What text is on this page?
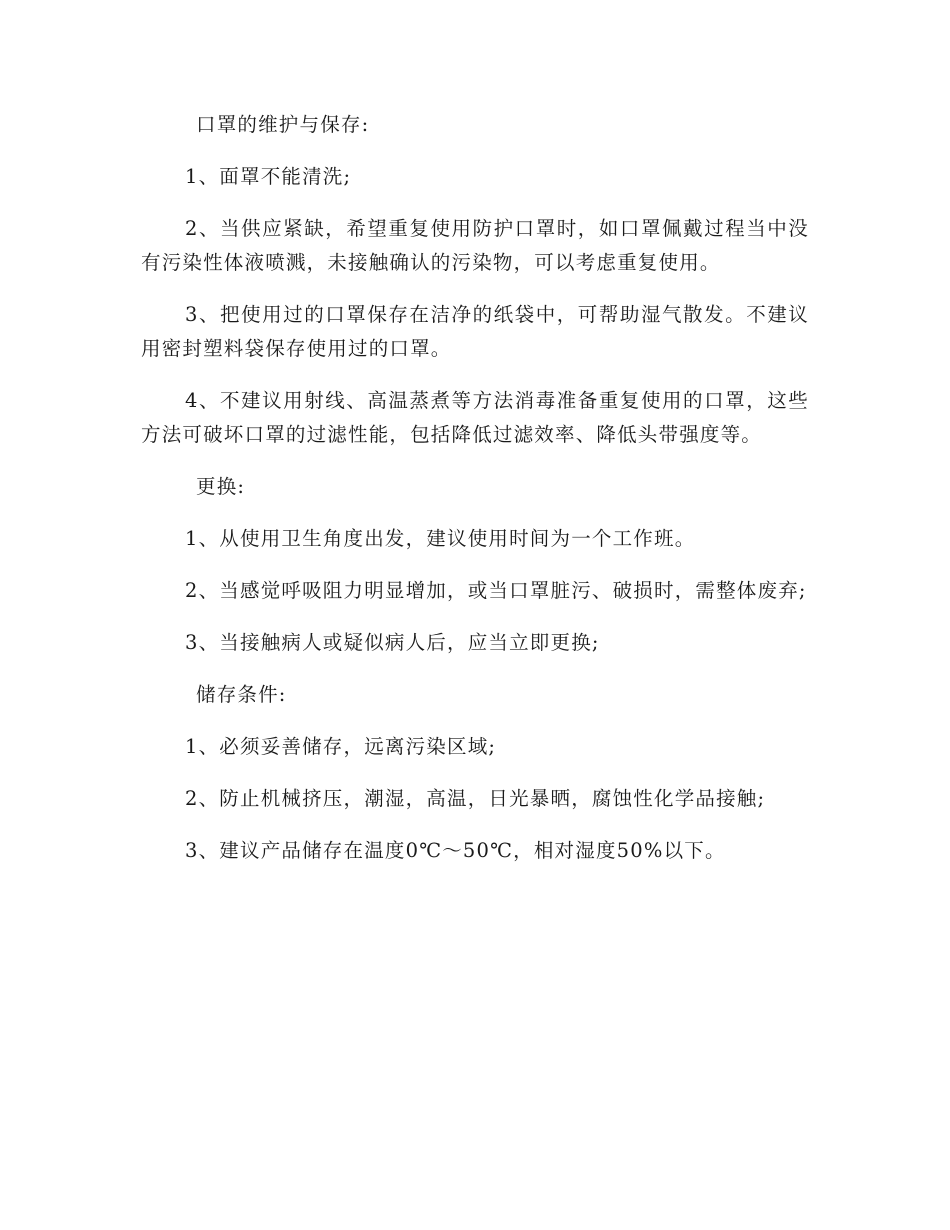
口罩的维护与保存:

1、面罩不能清洗;

2、当供应紧缺，希望重复使用防护口罩时，如口罩佩戴过程当中没有污染性体液喷溅，未接触确认的污染物，可以考虑重复使用。

3、把使用过的口罩保存在洁净的纸袋中，可帮助湿气散发。不建议用密封塑料袋保存使用过的口罩。

4、不建议用射线、高温蒸煮等方法消毒准备重复使用的口罩，这些方法可破坏口罩的过滤性能，包括降低过滤效率、降低头带强度等。

更换:

1、从使用卫生角度出发，建议使用时间为一个工作班。

2、当感觉呼吸阻力明显增加，或当口罩脏污、破损时，需整体废弃;

3、当接触病人或疑似病人后，应当立即更换;

储存条件:

1、必须妥善储存，远离污染区域;

2、防止机械挤压，潮湿，高温，日光暴晒，腐蚀性化学品接触;

3、建议产品储存在温度0℃～50℃，相对湿度50%以下。
